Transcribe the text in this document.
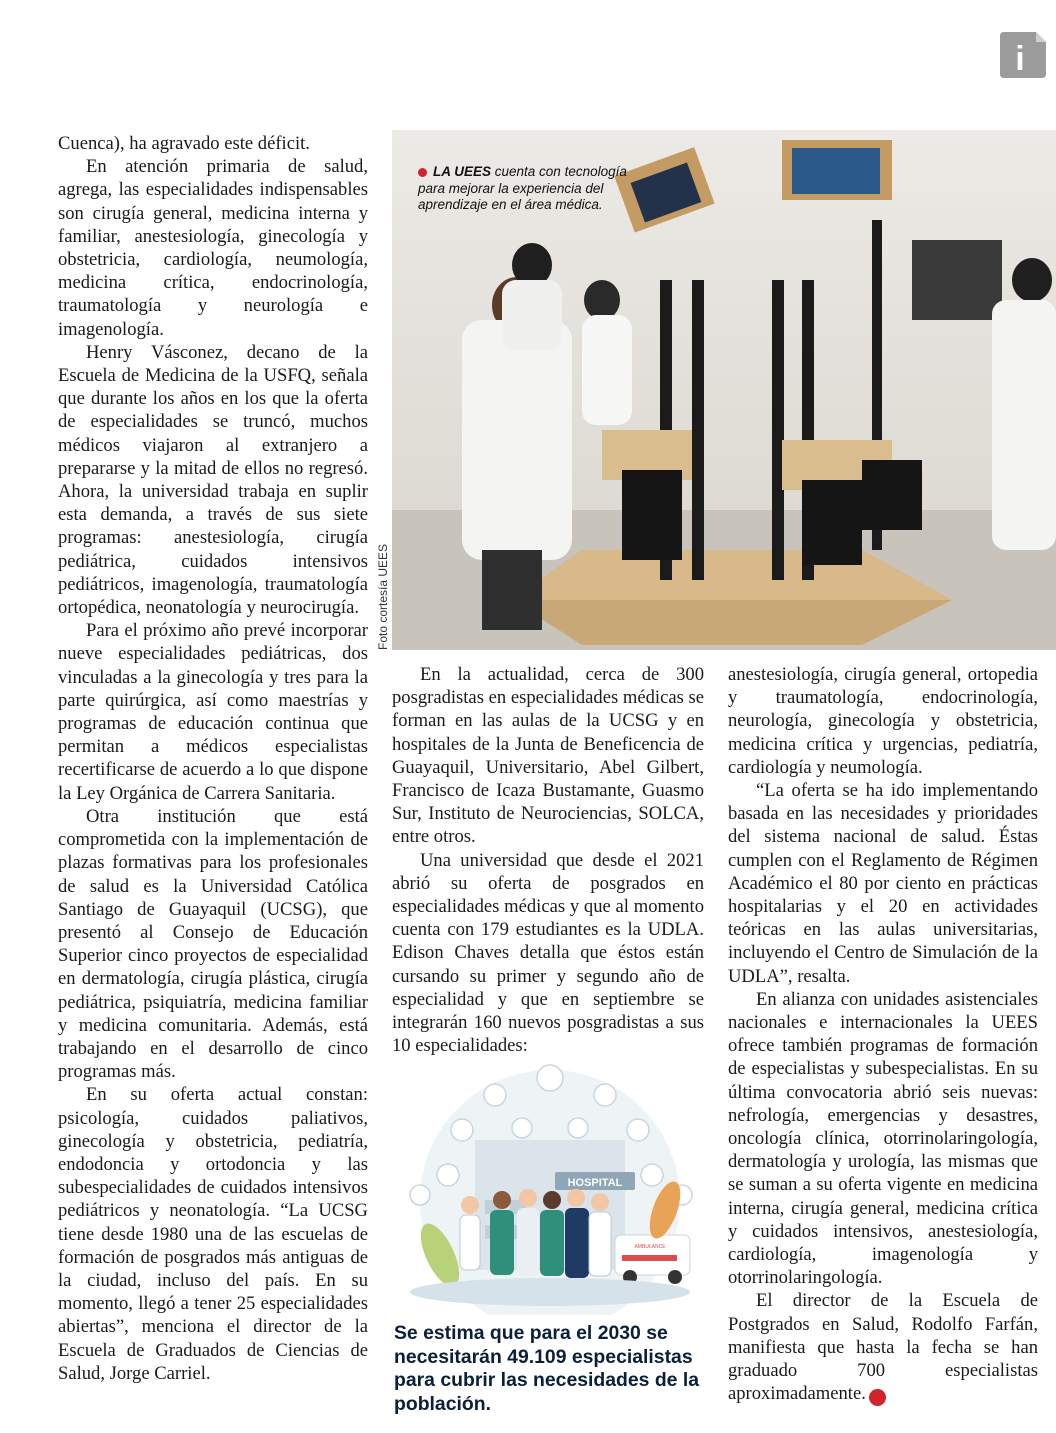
i

Cuenca), ha agravado este déficit.

En atención primaria de salud, agrega, las especialidades indispensables son cirugía general, medicina interna y familiar, anestesiología, ginecología y obstetricia, cardiología, neumología, medicina crítica, endocrinología, traumatología y neurología e imagenología.

Henry Vásconez, decano de la Escuela de Medicina de la USFQ, señala que durante los años en los que la oferta de especialidades se truncó, muchos médicos viajaron al extranjero a prepararse y la mitad de ellos no regresó. Ahora, la universidad trabaja en suplir esta demanda, a través de sus siete programas: anestesiología, cirugía pediátrica, cuidados intensivos pediátricos, imagenología, traumatología ortopédica, neonatología y neurocirugía.

Para el próximo año prevé incorporar nueve especialidades pediátricas, dos vinculadas a la ginecología y tres para la parte quirúrgica, así como maestrías y programas de educación continua que permitan a médicos especialistas recertificarse de acuerdo a lo que dispone la Ley Orgánica de Carrera Sanitaria.

Otra institución que está comprometida con la implementación de plazas formativas para los profesionales de salud es la Universidad Católica Santiago de Guayaquil (UCSG), que presentó al Consejo de Educación Superior cinco proyectos de especialidad en dermatología, cirugía plástica, cirugía pediátrica, psiquiatría, medicina familiar y medicina comunitaria. Además, está trabajando en el desarrollo de cinco programas más.

En su oferta actual constan: psicología, cuidados paliativos, ginecología y obstetricia, pediatría, endodoncia y ortodoncia y las subespecialidades de cuidados intensivos pediátricos y neonatología. “La UCSG tiene desde 1980 una de las escuelas de formación de posgrados más antiguas de la ciudad, incluso del país. En su momento, llegó a tener 25 especialidades abiertas”, menciona el director de la Escuela de Graduados de Ciencias de Salud, Jorge Carriel.

LA UEES cuenta con tecnología para mejorar la experiencia del aprendizaje en el área médica.
Foto cortesía UEES

En la actualidad, cerca de 300 posgradistas en especialidades médicas se forman en las aulas de la UCSG y en hospitales de la Junta de Beneficencia de Guayaquil, Universitario, Abel Gilbert, Francisco de Icaza Bustamante, Guasmo Sur, Instituto de Neurociencias, SOLCA, entre otros.

Una universidad que desde el 2021 abrió su oferta de posgrados en especialidades médicas y que al momento cuenta con 179 estudiantes es la UDLA. Edison Chaves detalla que éstos están cursando su primer y segundo año de especialidad y que en septiembre se integrarán 160 nuevos posgradistas a sus 10 especialidades:

HOSPITAL
AMBULANCE
Se estima que para el 2030 se necesitarán 49.109 especialistas para cubrir las necesidades de la población.

anestesiología, cirugía general, ortopedia y traumatología, endocrinología, neurología, ginecología y obstetricia, medicina crítica y urgencias, pediatría, cardiología y neumología.

“La oferta se ha ido implementando basada en las necesidades y prioridades del sistema nacional de salud. Éstas cumplen con el Reglamento de Régimen Académico el 80 por ciento en prácticas hospitalarias y el 20 en actividades teóricas en las aulas universitarias, incluyendo el Centro de Simulación de la UDLA”, resalta.

En alianza con unidades asistenciales nacionales e internacionales la UEES ofrece también programas de formación de especialistas y subespecialistas. En su última convocatoria abrió seis nuevas: nefrología, emergencias y desastres, oncología clínica, otorrinolaringología, dermatología y urología, las mismas que se suman a su oferta vigente en medicina interna, cirugía general, medicina crítica y cuidados intensivos, anestesiología, cardiología, imagenología y otorrinolaringología.

El director de la Escuela de Postgrados en Salud, Rodolfo Farfán, manifiesta que hasta la fecha se han graduado 700 especialistas aproximadamente.	E
